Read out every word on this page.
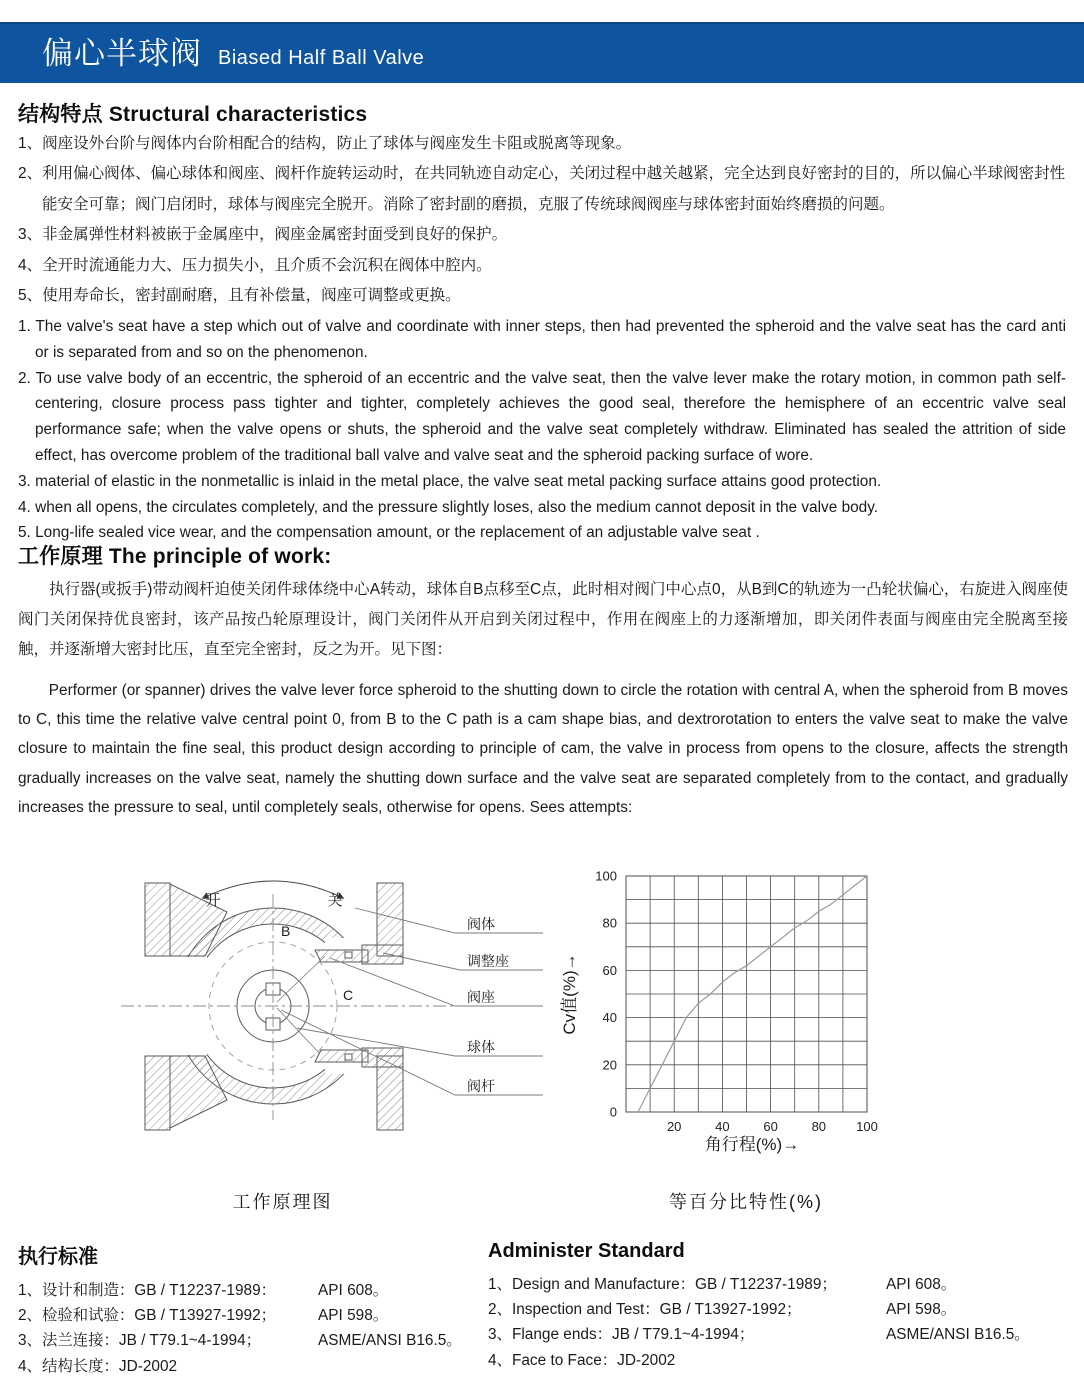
偏心半球阀 Biased Half Ball Valve
结构特点 Structural characteristics
1、阀座设外台阶与阀体内台阶相配合的结构，防止了球体与阀座发生卡阻或脱离等现象。
2、利用偏心阀体、偏心球体和阀座、阀杆作旋转运动时，在共同轨迹自动定心，关闭过程中越关越紧，完全达到良好密封的目的，所以偏心半球阀密封性能安全可靠；阀门启闭时，球体与阀座完全脱开。消除了密封副的磨损，克服了传统球阀阀座与球体密封面始终磨损的问题。
3、非金属弹性材料被嵌于金属座中，阀座金属密封面受到良好的保护。
4、全开时流通能力大、压力损失小，且介质不会沉积在阀体中腔内。
5、使用寿命长，密封副耐磨，且有补偿量，阀座可调整或更换。
1. The valve's seat have a step which out of valve and coordinate with inner steps, then had prevented the spheroid and the valve seat has the card anti or is separated from and so on the phenomenon.
2. To use valve body of an eccentric, the spheroid of an eccentric and the valve seat, then the valve lever make the rotary motion, in common path self-centering, closure process pass tighter and tighter, completely achieves the good seal, therefore the hemisphere of an eccentric valve seal performance safe; when the valve opens or shuts, the spheroid and the valve seat completely withdraw. Eliminated has sealed the attrition of side effect, has overcome problem of the traditional ball valve and valve seat and the spheroid packing surface of wore.
3. material of elastic in the nonmetallic is inlaid in the metal place, the valve seat metal packing surface attains good protection.
4. when all opens, the circulates completely, and the pressure slightly loses, also the medium cannot deposit in the valve body.
5. Long-life sealed vice wear, and the compensation amount, or the replacement of an adjustable valve seat .
工作原理 The principle of work:
执行器(或扳手)带动阀杆迫使关闭件球体绕中心A转动，球体自B点移至C点，此时相对阀门中心点0，从B到C的轨迹为一凸轮状偏心，右旋进入阀座使阀门关闭保持优良密封，该产品按凸轮原理设计，阀门关闭件从开启到关闭过程中，作用在阀座上的力逐渐增加，即关闭件表面与阀座由完全脱离至接触，并逐渐增大密封比压，直至完全密封，反之为开。见下图：
Performer (or spanner) drives the valve lever force spheroid to the shutting down to circle the rotation with central A, when the spheroid from B moves to C, this time the relative valve central point 0, from B to the C path is a cam shape bias, and dextrorotation to enters the valve seat to make the valve closure to maintain the fine seal, this product design according to principle of cam, the valve in process from opens to the closure, affects the strength gradually increases on the valve seat, namely the shutting down surface and the valve seat are separated completely from to the contact, and gradually increases the pressure to seal, until completely seals, otherwise for opens. Sees attempts:
开	关
B
C
阀体
调整座
阀座
球体
阀杆
0
20
40
60
80
100
20	40	60	80 100
Cv值(%)→
角行程(%)→
工作原理图	等百分比特性(%)
执行标准
1、设计和制造：GB / T12237-1989：	API 608。
2、检验和试验：GB / T13927-1992；	API 598。
3、法兰连接：JB / T79.1~4-1994；	ASME/ANSI B16.5。
4、结构长度：JD-2002
Administer Standard
1、Design and Manufacture：GB / T12237-1989；	API 608。
2、Inspection and Test：GB / T13927-1992；	API 598。
3、Flange ends：JB / T79.1~4-1994；	ASME/ANSI B16.5。
4、Face to Face：JD-2002
